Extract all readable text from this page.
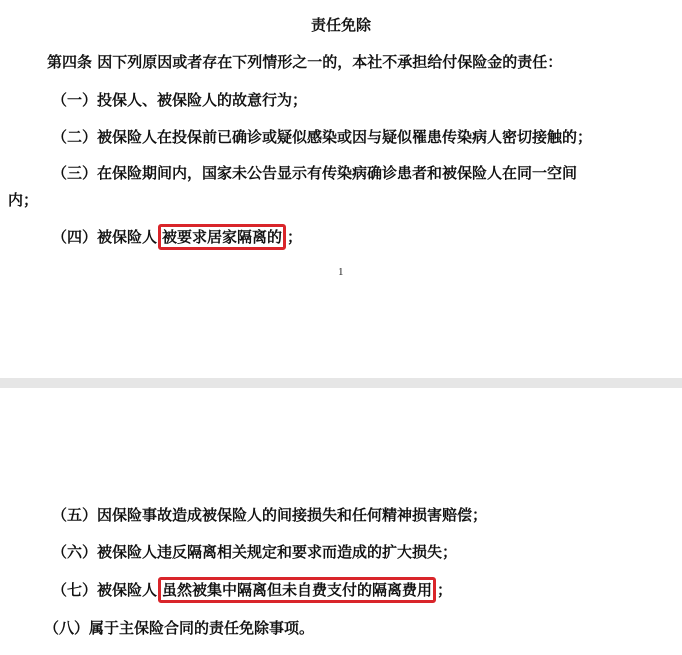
责任免除
第四条 因下列原因或者存在下列情形之一的，本社不承担给付保险金的责任：
（一）投保人、被保险人的故意行为；
（二）被保险人在投保前已确诊或疑似感染或因与疑似罹患传染病人密切接触的；
（三）在保险期间内，国家未公告显示有传染病确诊患者和被保险人在同一空间
内；
（四）被保险人 被要求居家隔离的 ；
1
（五）因保险事故造成被保险人的间接损失和任何精神损害赔偿；
（六）被保险人违反隔离相关规定和要求而造成的扩大损失；
（七）被保险人 虽然被集中隔离但未自费支付的隔离费用 ；
（八）属于主保险合同的责任免除事项。
